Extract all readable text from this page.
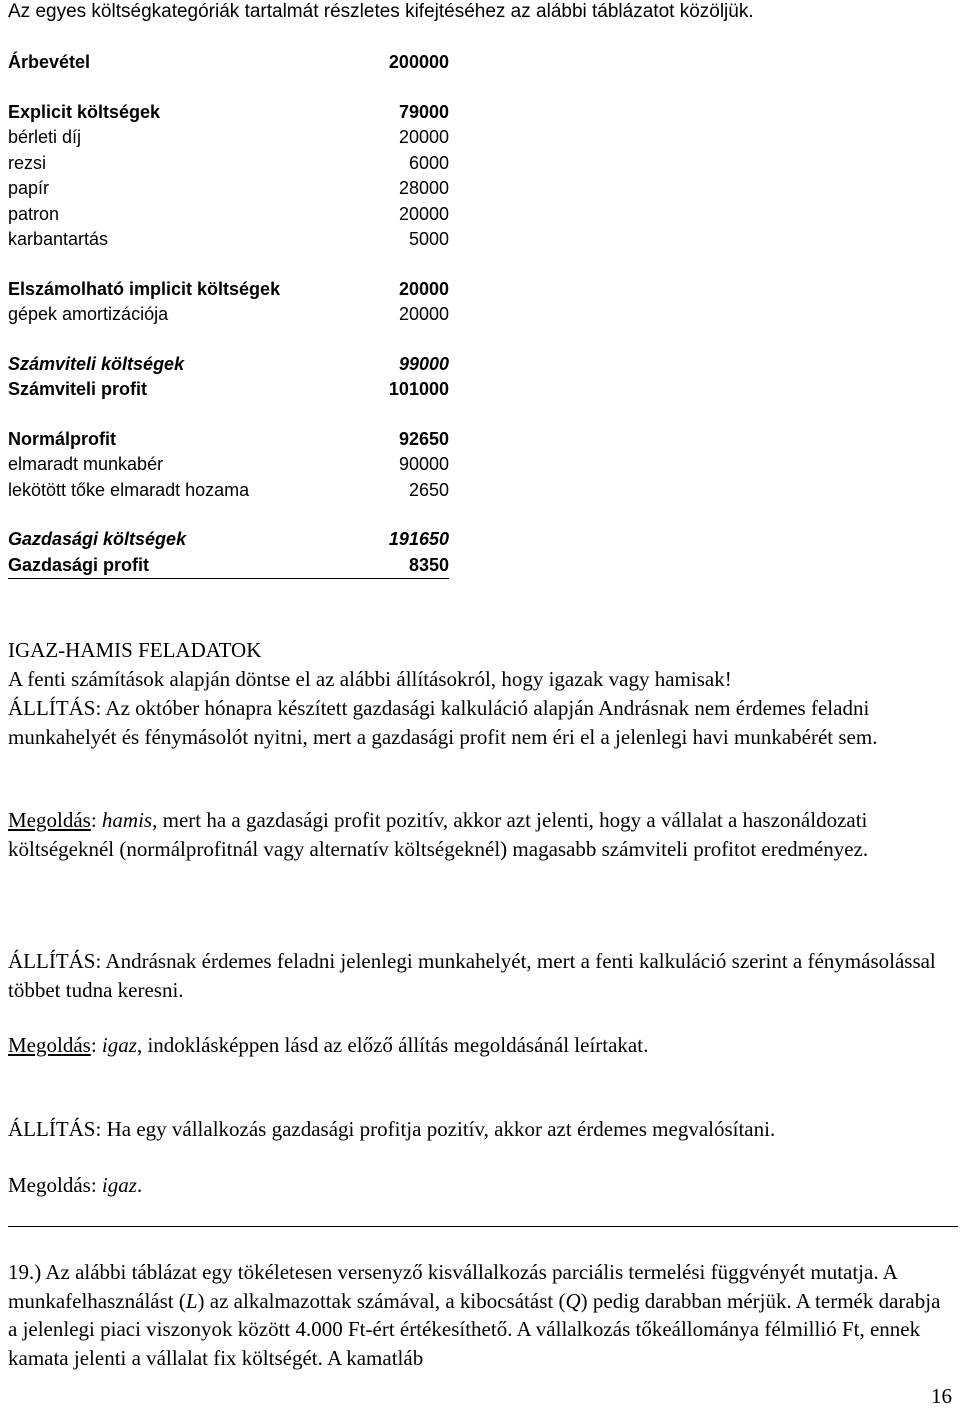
Az egyes költségkategóriák tartalmát részletes kifejtéséhez az alábbi táblázatot közöljük.
Árbevétel	200000

Explicit költségek	79000
bérleti díj	20000
rezsi	6000
papír	28000
patron	20000
karbantartás	5000

Elszámolható implicit költségek	20000
gépek amortizációja	20000

Számviteli költségek	99000
Számviteli profit	101000

Normálprofit	92650
elmaradt munkabér	90000
lekötött tőke elmaradt hozama	2650

Gazdasági költségek	191650
Gazdasági profit	8350
IGAZ-HAMIS FELADATOK
A fenti számítások alapján döntse el az alábbi állításokról, hogy igazak vagy hamisak!
ÁLLÍTÁS: Az október hónapra készített gazdasági kalkuláció alapján Andrásnak nem érdemes feladni munkahelyét és fénymásolót nyitni, mert a gazdasági profit nem éri el a jelenlegi havi munkabérét sem.
Megoldás: hamis, mert ha a gazdasági profit pozitív, akkor azt jelenti, hogy a vállalat a haszonáldozati költségeknél (normálprofitnál vagy alternatív költségeknél) magasabb számviteli profitot eredményez.
ÁLLÍTÁS: Andrásnak érdemes feladni jelenlegi munkahelyét, mert a fenti kalkuláció szerint a fénymásolással többet tudna keresni.
Megoldás: igaz, indoklásképpen lásd az előző állítás megoldásánál leírtakat.
ÁLLÍTÁS: Ha egy vállalkozás gazdasági profitja pozitív, akkor azt érdemes megvalósítani.
Megoldás: igaz.
19.) Az alábbi táblázat egy tökéletesen versenyző kisvállalkozás parciális termelési függvényét mutatja. A munkafelhasználást (L) az alkalmazottak számával, a kibocsátást (Q) pedig darabban mérjük. A termék darabja a jelenlegi piaci viszonyok között 4.000 Ft-ért értékesíthető. A vállalkozás tőkeállománya félmillió Ft, ennek kamata jelenti a vállalat fix költségét. A kamatláb
16
